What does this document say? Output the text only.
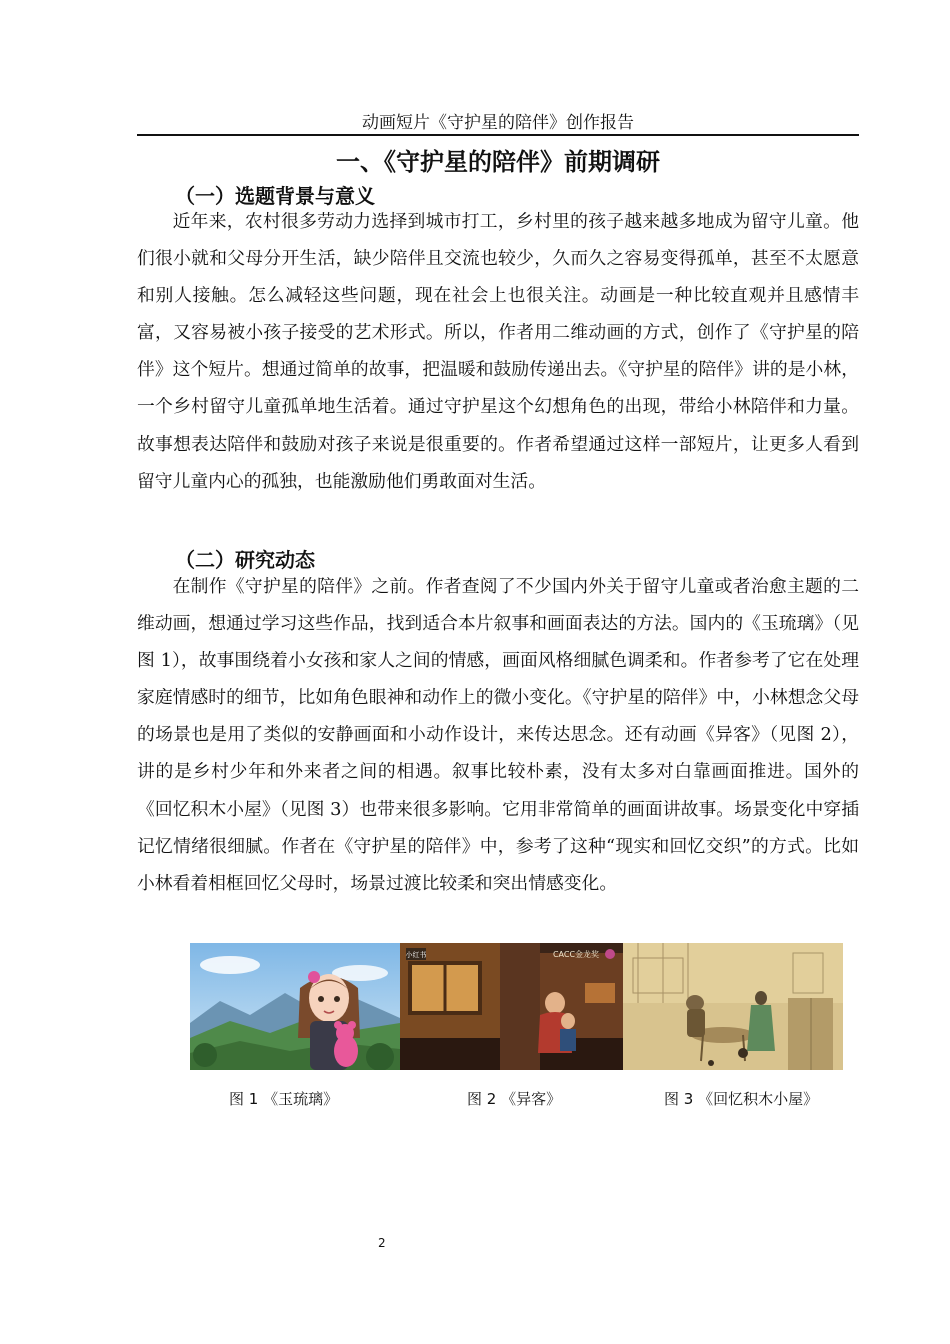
动画短片《守护星的陪伴》创作报告
一、《守护星的陪伴》前期调研
（一）选题背景与意义

近年来，农村很多劳动力选择到城市打工，乡村里的孩子越来越多地成为留守儿童。他们很小就和父母分开生活，缺少陪伴且交流也较少，久而久之容易变得孤单，甚至不太愿意和别人接触。怎么减轻这些问题，现在社会上也很关注。动画是一种比较直观并且感情丰富，又容易被小孩子接受的艺术形式。所以，作者用二维动画的方式，创作了《守护星的陪伴》这个短片。想通过简单的故事，把温暖和鼓励传递出去。《守护星的陪伴》讲的是小林，一个乡村留守儿童孤单地生活着。通过守护星这个幻想角色的出现，带给小林陪伴和力量。故事想表达陪伴和鼓励对孩子来说是很重要的。作者希望通过这样一部短片，让更多人看到留守儿童内心的孤独，也能激励他们勇敢面对生活。

（二）研究动态

在制作《守护星的陪伴》之前。作者查阅了不少国内外关于留守儿童或者治愈主题的二维动画，想通过学习这些作品，找到适合本片叙事和画面表达的方法。国内的《玉琉璃》（见图 1），故事围绕着小女孩和家人之间的情感，画面风格细腻色调柔和。作者参考了它在处理家庭情感时的细节，比如角色眼神和动作上的微小变化。《守护星的陪伴》中，小林想念父母的场景也是用了类似的安静画面和小动作设计，来传达思念。还有动画《异客》（见图 2），讲的是乡村少年和外来者之间的相遇。叙事比较朴素，没有太多对白靠画面推进。国外的《回忆积木小屋》（见图 3）也带来很多影响。它用非常简单的画面讲故事。场景变化中穿插记忆情绪很细腻。作者在《守护星的陪伴》中，参考了这种“现实和回忆交织”的方式。比如小林看着相框回忆父母时，场景过渡比较柔和突出情感变化。

小红书	CACC金龙奖
图 1 《玉琉璃》	图 2 《异客》	图 3 《回忆积木小屋》
2
